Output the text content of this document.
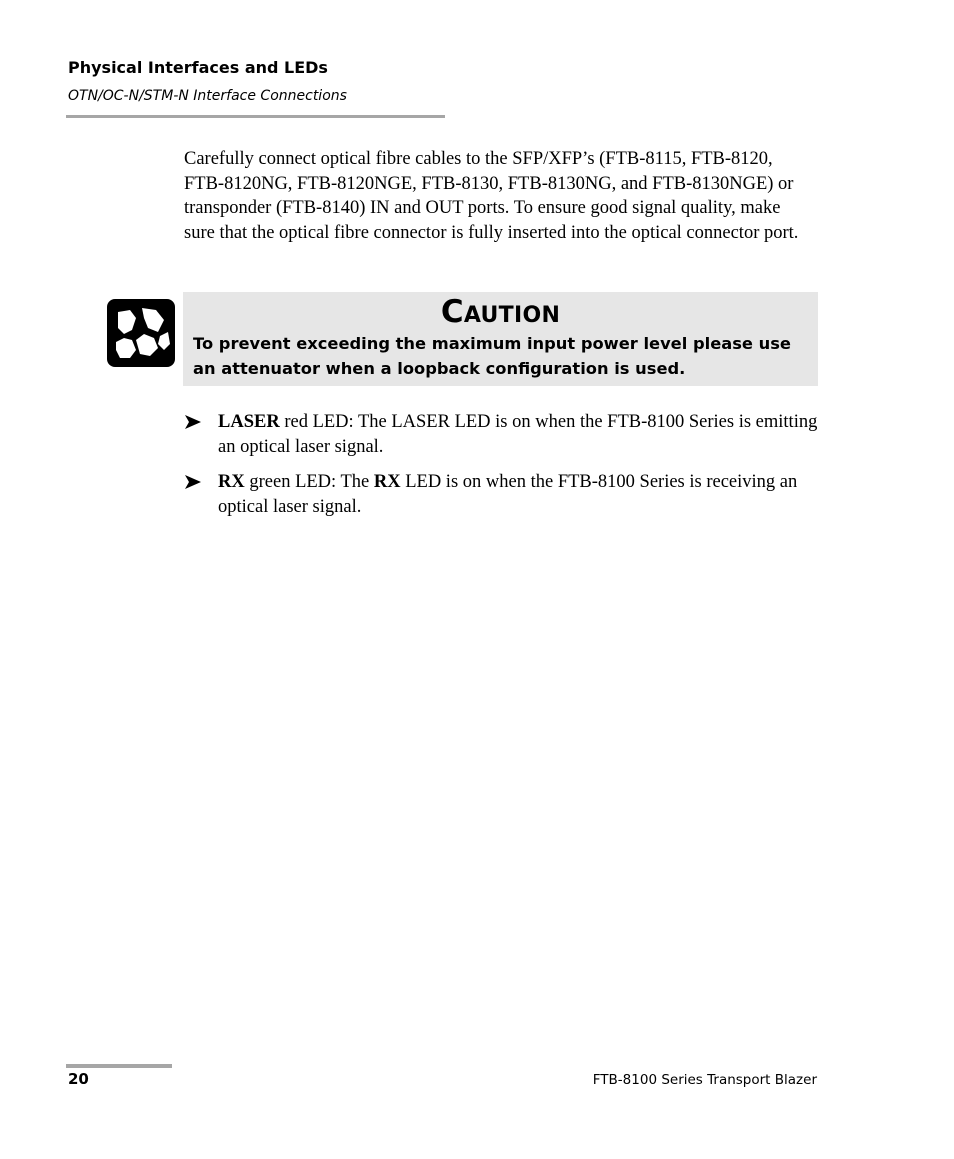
Physical Interfaces and LEDs
OTN/OC-N/STM-N Interface Connections

Carefully connect optical fibre cables to the SFP/XFP’s (FTB-8115, FTB-8120, FTB-8120NG, FTB-8120NGE, FTB-8130, FTB-8130NG, and FTB-8130NGE) or transponder (FTB-8140) IN and OUT ports. To ensure good signal quality, make sure that the optical fibre connector is fully inserted into the optical connector port.

Caution
To prevent exceeding the maximum input power level please use an attenuator when a loopback configuration is used.
LASER red LED: The LASER LED is on when the FTB-8100 Series is emitting an optical laser signal.
RX green LED: The RX LED is on when the FTB-8100 Series is receiving an optical laser signal.
20	FTB-8100 Series Transport Blazer
